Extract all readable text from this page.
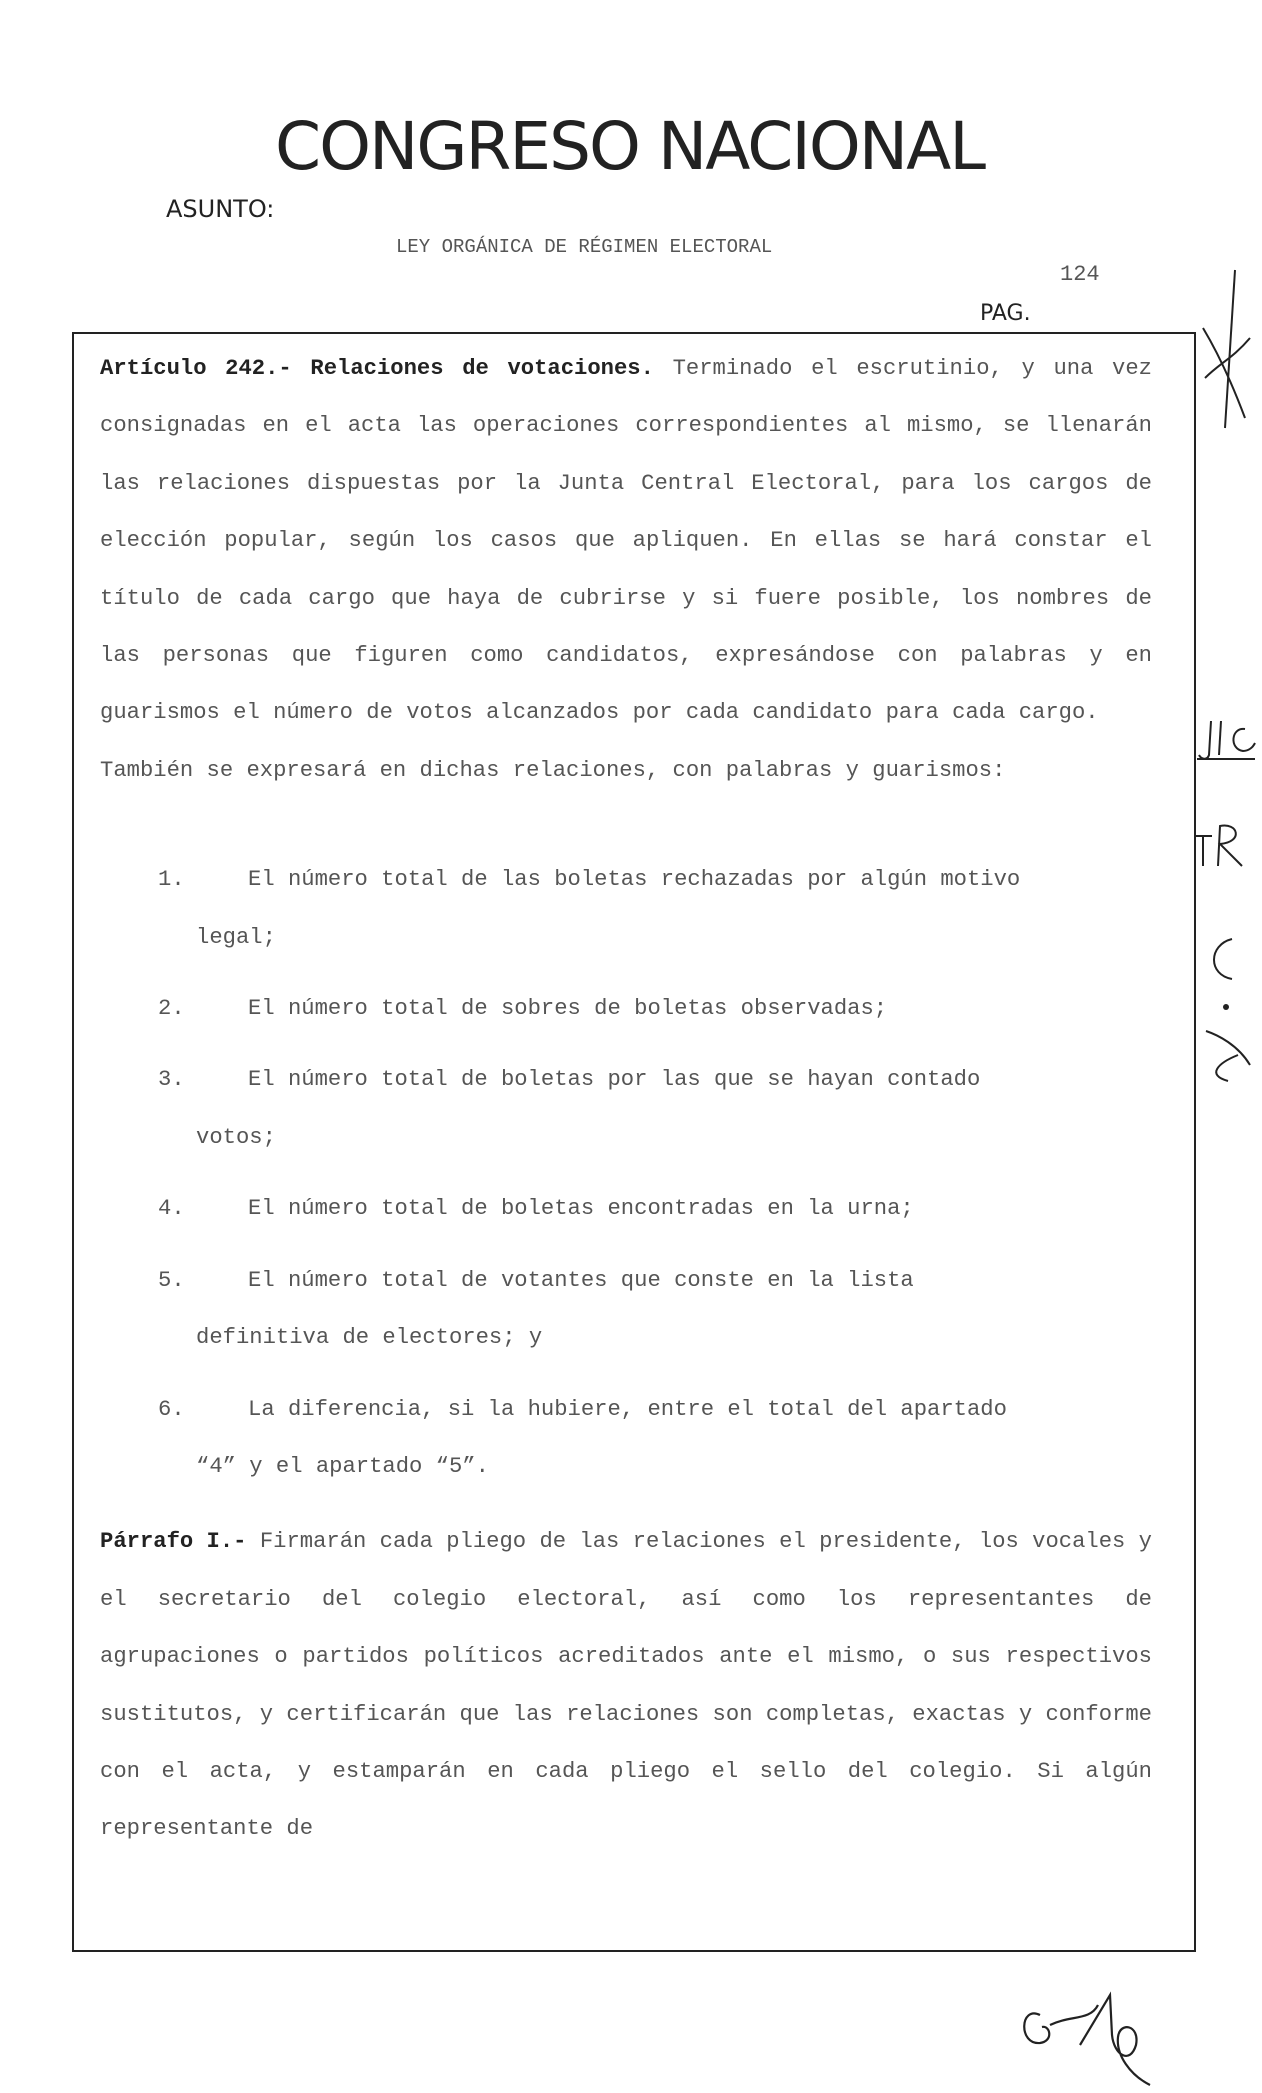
CONGRESO NACIONAL
ASUNTO:
LEY ORGÁNICA DE RÉGIMEN ELECTORAL
124
PAG.

Artículo 242.- Relaciones de votaciones. Terminado el escrutinio, y una vez consignadas en el acta las operaciones correspondientes al mismo, se llenarán las relaciones dispuestas por la Junta Central Electoral, para los cargos de elección popular, según los casos que apliquen. En ellas se hará constar el título de cada cargo que haya de cubrirse y si fuere posible, los nombres de las personas que figuren como candidatos, expresándose con palabras y en guarismos el número de votos alcanzados por cada candidato para cada cargo.

También se expresará en dichas relaciones, con palabras y guarismos:

1.	El número total de las boletas rechazadas por algún motivo
legal;
2.	El número total de sobres de boletas observadas;
3.	El número total de boletas por las que se hayan contado
votos;
4.	El número total de boletas encontradas en la urna;
5.	El número total de votantes que conste en la lista
definitiva de electores; y
6.	La diferencia, si la hubiere, entre el total del apartado
“4” y el apartado “5”.

Párrafo I.- Firmarán cada pliego de las relaciones el presidente, los vocales y el secretario del colegio electoral, así como los representantes de agrupaciones o partidos políticos acreditados ante el mismo, o sus respectivos sustitutos, y certificarán que las relaciones son completas, exactas y conforme con el acta, y estamparán en cada pliego el sello del colegio. Si algún representante de
